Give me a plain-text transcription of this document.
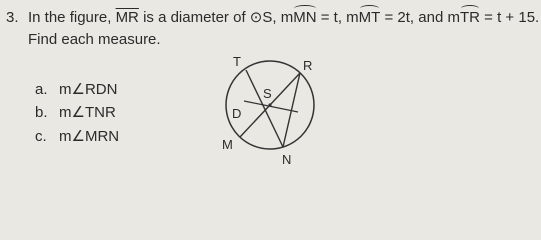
3. In the figure, $\overline{MR}$ is a diameter of ⊙S, mMN = t, mMT = 2t, and mTR = t + 15.
Find each measure.
a. m∠RDN
b. m∠TNR
c. m∠MRN
T	R
S
D
M
N
